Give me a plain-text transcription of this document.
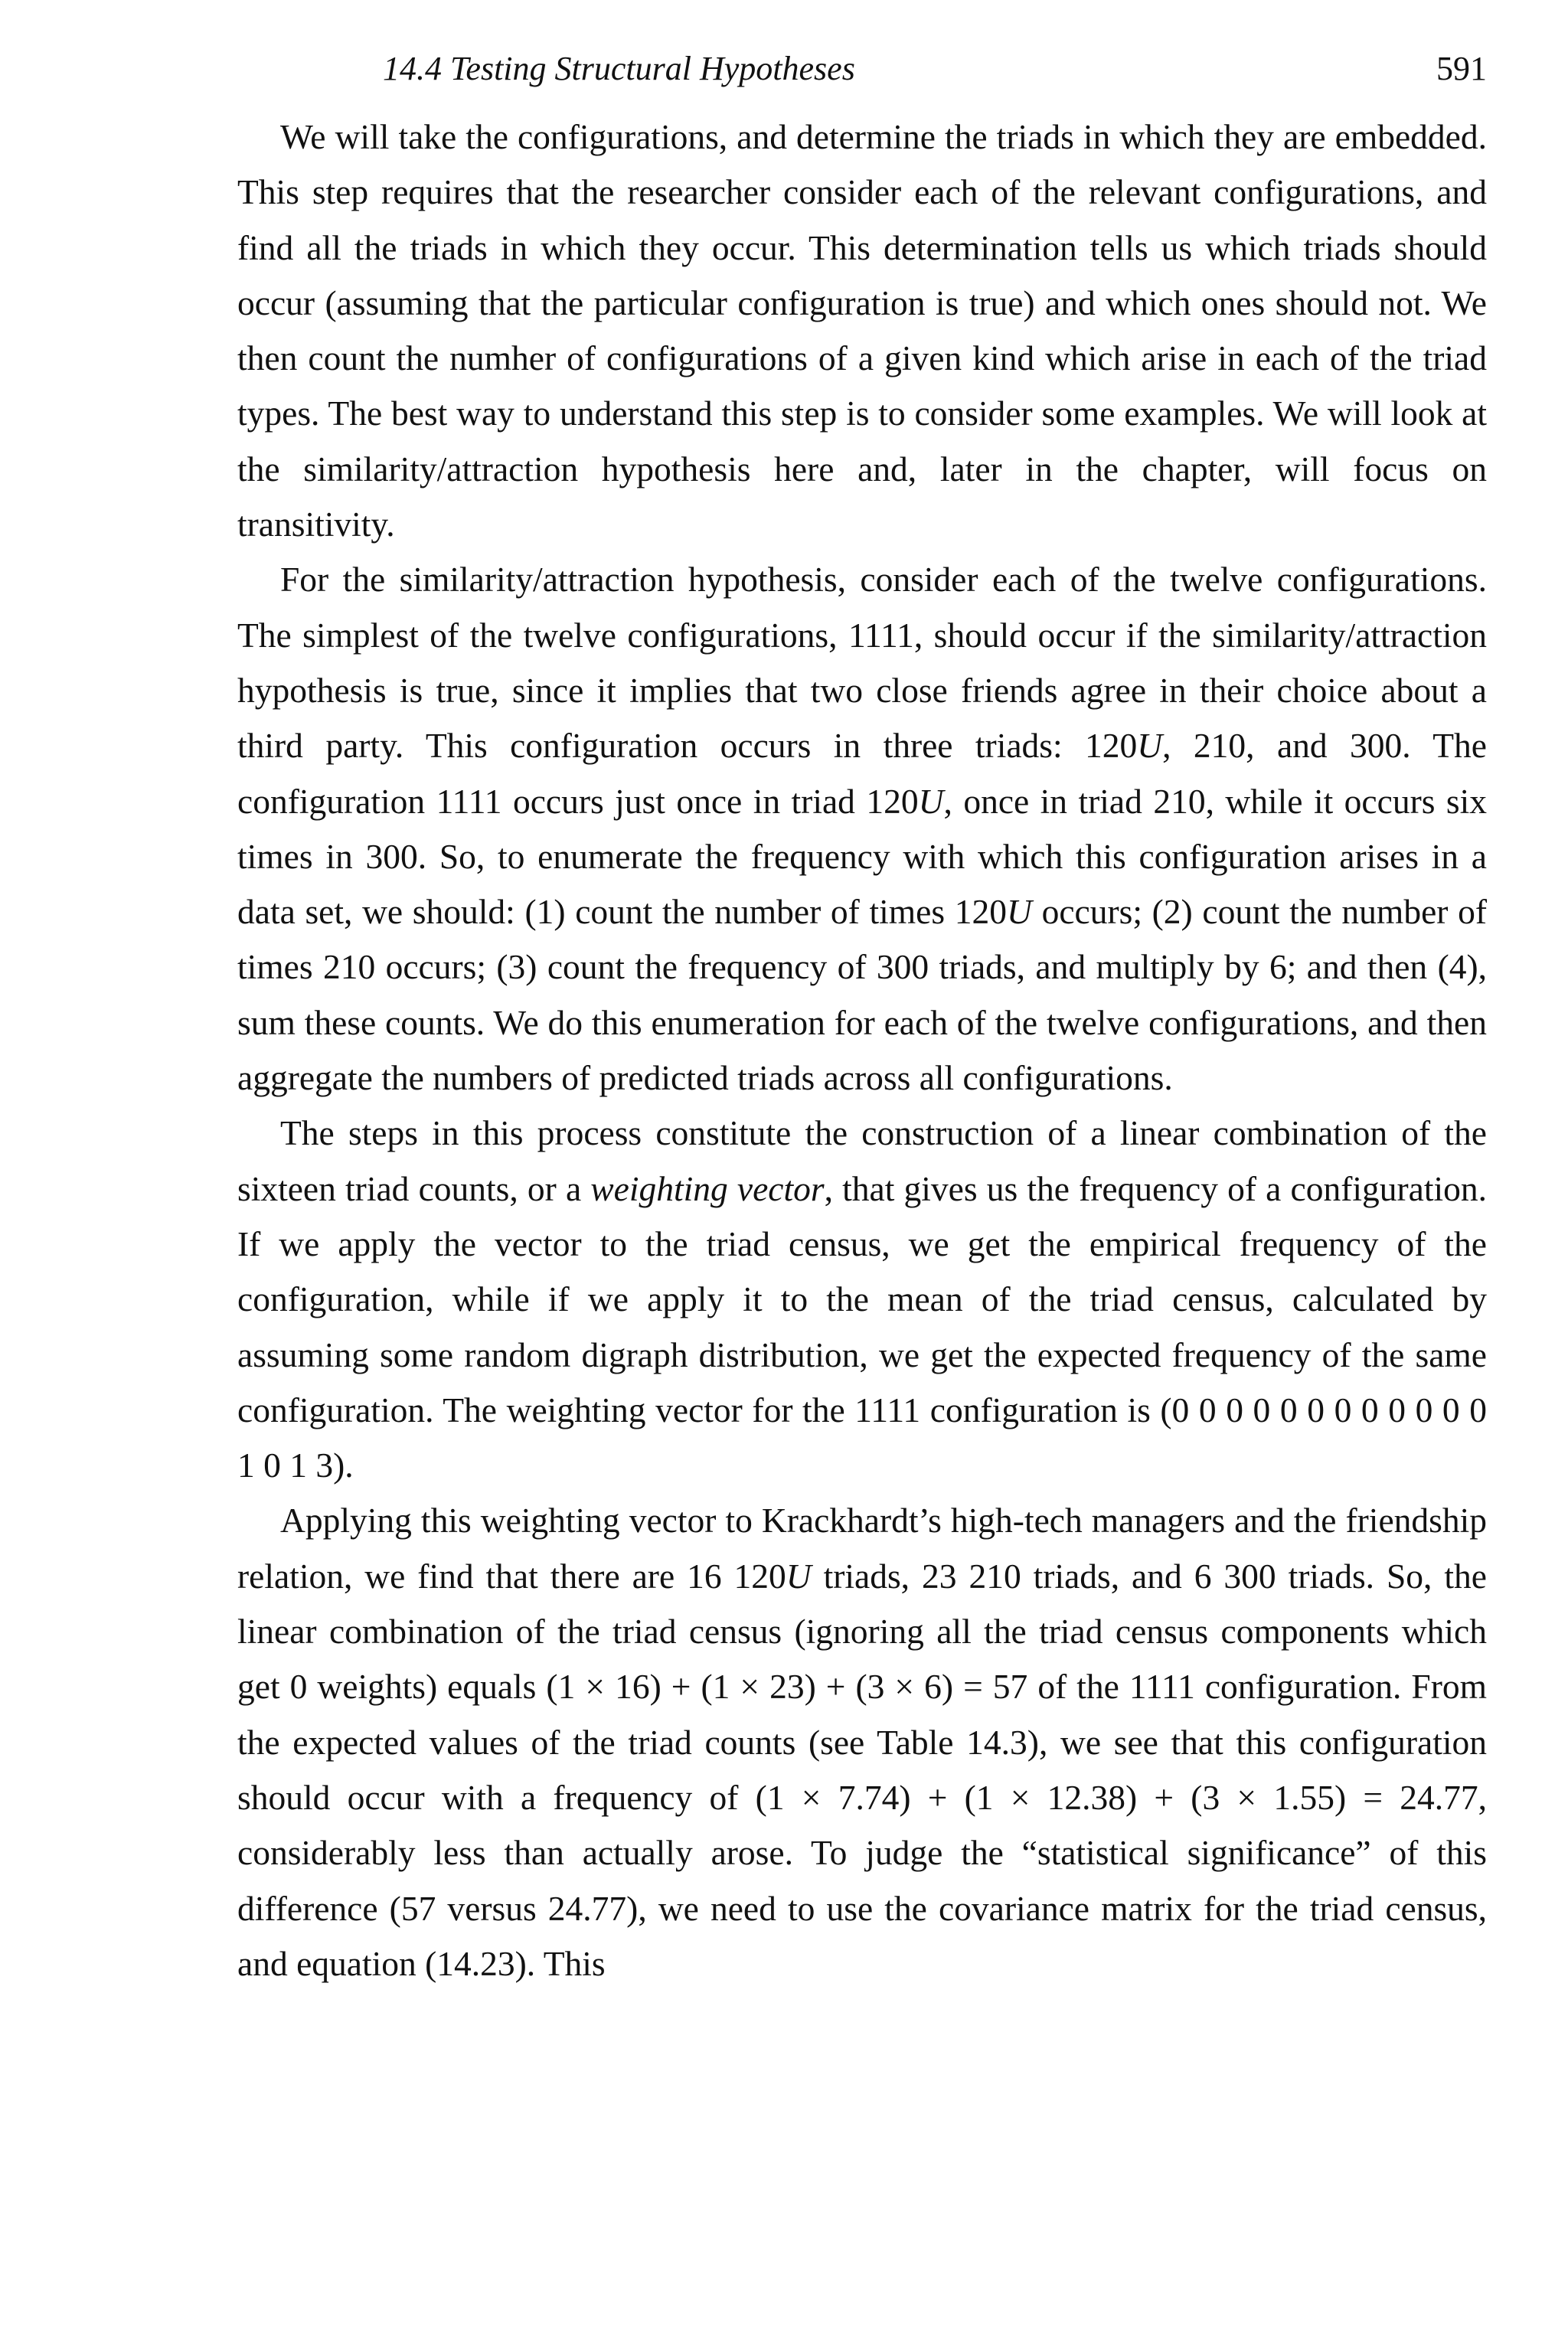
14.4 Testing Structural Hypotheses	591

We will take the configurations, and determine the triads in which they are embedded. This step requires that the researcher consider each of the relevant configurations, and find all the triads in which they occur. This determination tells us which triads should occur (assuming that the particular configuration is true) and which ones should not. We then count the numher of configurations of a given kind which arise in each of the triad types. The best way to understand this step is to consider some examples. We will look at the similarity/attraction hypothesis here and, later in the chapter, will focus on transitivity.

For the similarity/attraction hypothesis, consider each of the twelve configurations. The simplest of the twelve configurations, 1111, should occur if the similarity/attraction hypothesis is true, since it implies that two close friends agree in their choice about a third party. This configuration occurs in three triads: 120U, 210, and 300. The configuration 1111 occurs just once in triad 120U, once in triad 210, while it occurs six times in 300. So, to enumerate the frequency with which this configuration arises in a data set, we should: (1) count the number of times 120U occurs; (2) count the number of times 210 occurs; (3) count the frequency of 300 triads, and multiply by 6; and then (4), sum these counts. We do this enumeration for each of the twelve configurations, and then aggregate the numbers of predicted triads across all configurations.

The steps in this process constitute the construction of a linear combination of the sixteen triad counts, or a weighting vector, that gives us the frequency of a configuration. If we apply the vector to the triad census, we get the empirical frequency of the configuration, while if we apply it to the mean of the triad census, calculated by assuming some random digraph distribution, we get the expected frequency of the same configuration. The weighting vector for the 1111 configuration is (0 0 0 0 0 0 0 0 0 0 0 0 1 0 1 3).

Applying this weighting vector to Krackhardt’s high-tech managers and the friendship relation, we find that there are 16 120U triads, 23 210 triads, and 6 300 triads. So, the linear combination of the triad census (ignoring all the triad census components which get 0 weights) equals (1 × 16) + (1 × 23) + (3 × 6) = 57 of the 1111 configuration. From the expected values of the triad counts (see Table 14.3), we see that this configuration should occur with a frequency of (1 × 7.74) + (1 × 12.38) + (3 × 1.55) = 24.77, considerably less than actually arose. To judge the “statistical significance” of this difference (57 versus 24.77), we need to use the covariance matrix for the triad census, and equation (14.23). This
